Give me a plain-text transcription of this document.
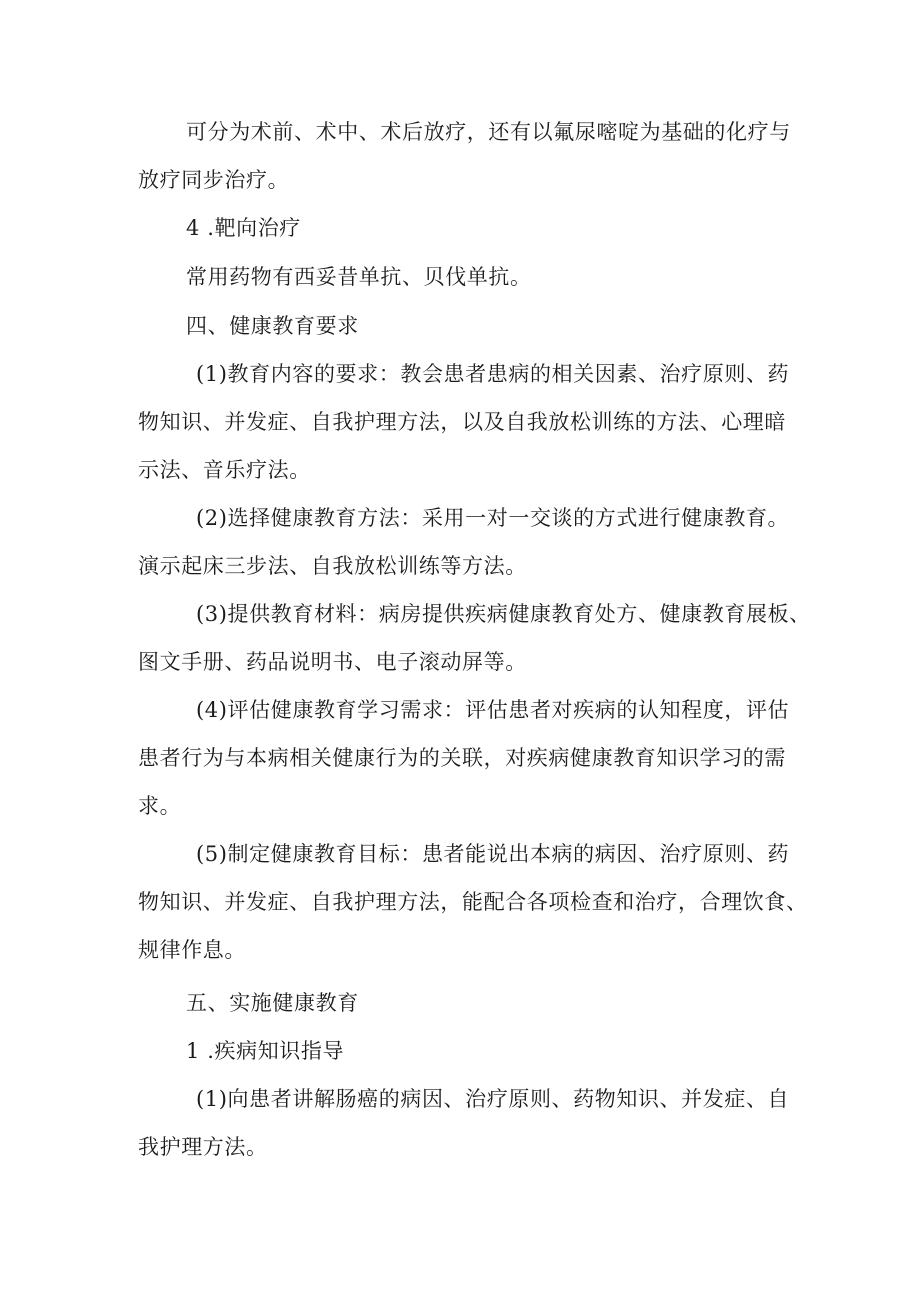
可分为术前、术中、术后放疗，还有以氟尿嘧啶为基础的化疗与
放疗同步治疗。
4 .靶向治疗
常用药物有西妥昔单抗、贝伐单抗。
四、健康教育要求
(1)教育内容的要求：教会患者患病的相关因素、治疗原则、药
物知识、并发症、自我护理方法，以及自我放松训练的方法、心理暗
示法、音乐疗法。
(2)选择健康教育方法：采用一对一交谈的方式进行健康教育。
演示起床三步法、自我放松训练等方法。
(3)提供教育材料：病房提供疾病健康教育处方、健康教育展板、
图文手册、药品说明书、电子滚动屏等。
(4)评估健康教育学习需求：评估患者对疾病的认知程度，评估
患者行为与本病相关健康行为的关联，对疾病健康教育知识学习的需
求。
(5)制定健康教育目标：患者能说出本病的病因、治疗原则、药
物知识、并发症、自我护理方法，能配合各项检查和治疗，合理饮食、
规律作息。
五、实施健康教育
1 .疾病知识指导
(1)向患者讲解肠癌的病因、治疗原则、药物知识、并发症、自
我护理方法。
